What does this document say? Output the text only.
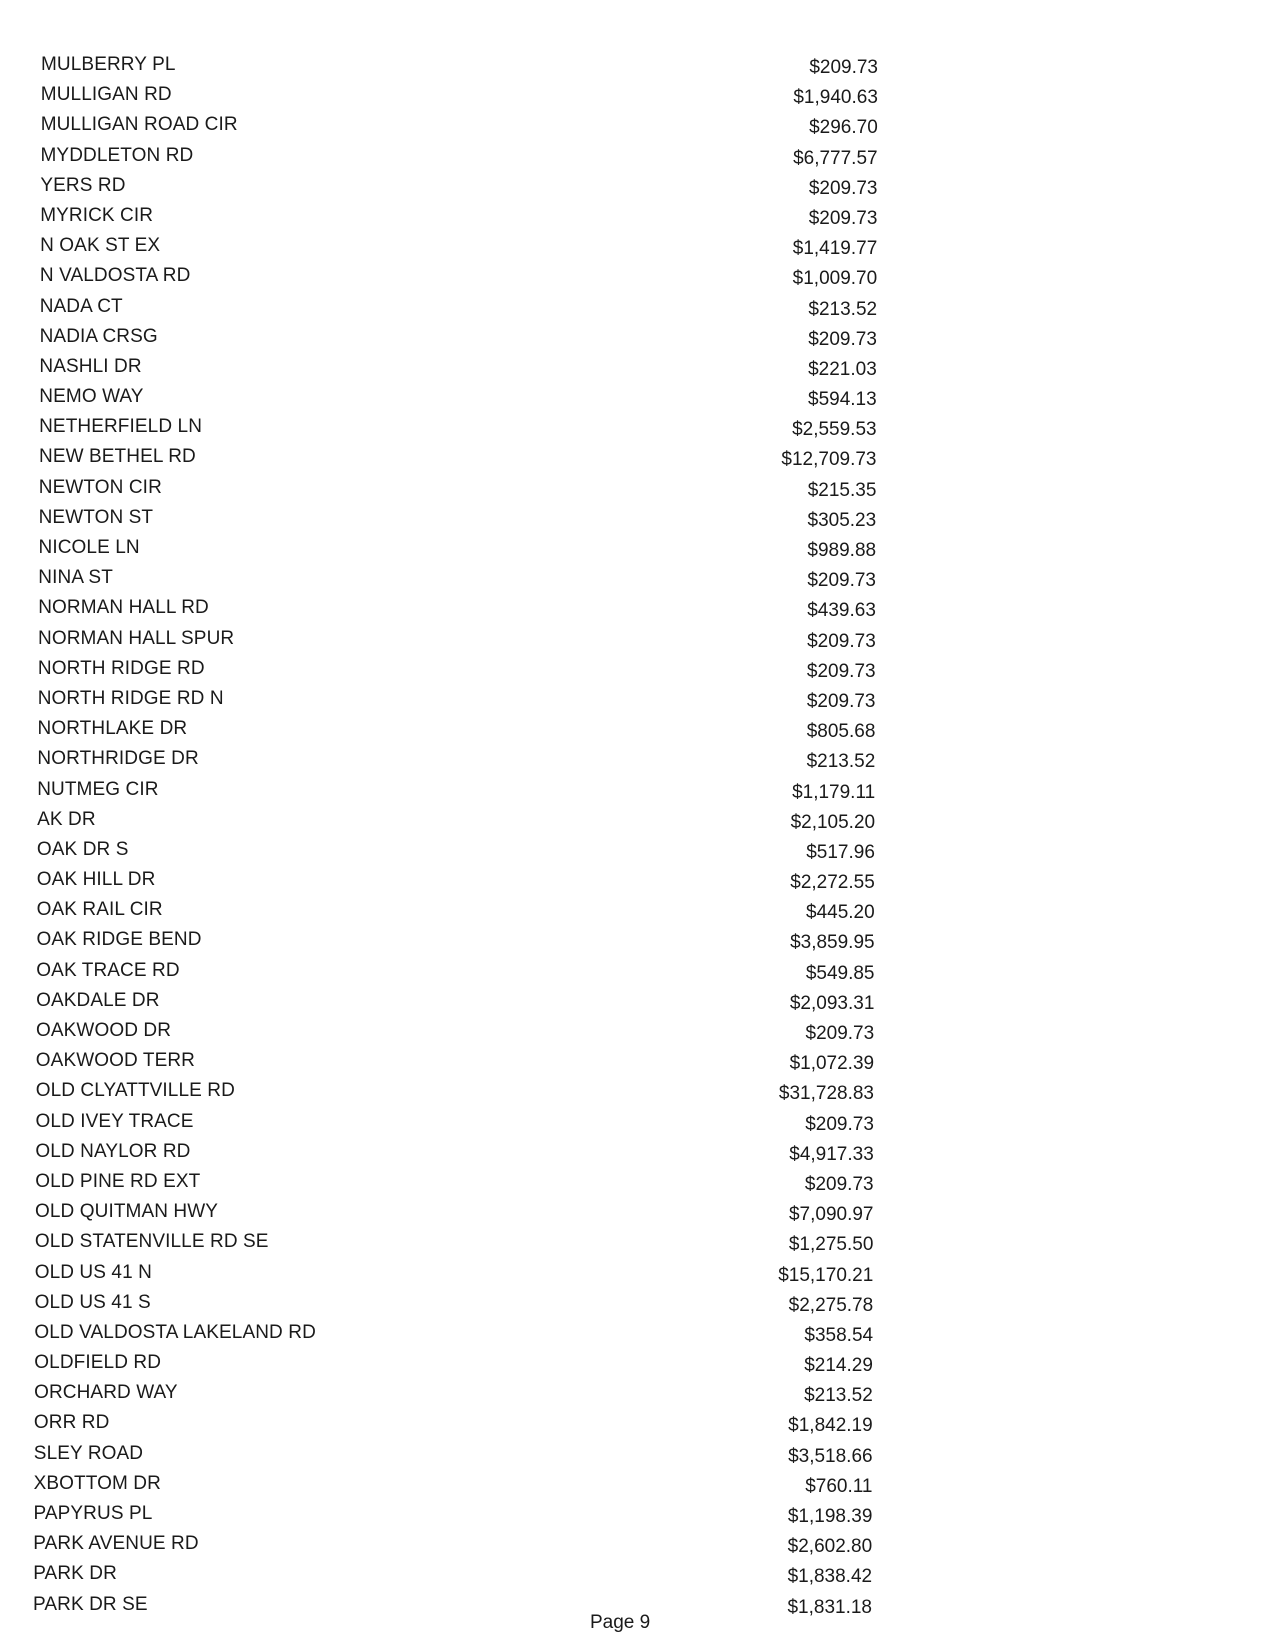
MULBERRY PL	$209.73
MULLIGAN RD	$1,940.63
MULLIGAN ROAD CIR	$296.70
MYDDLETON RD	$6,777.57
YERS RD	$209.73
MYRICK CIR	$209.73
N OAK ST EX	$1,419.77
N VALDOSTA RD	$1,009.70
NADA CT	$213.52
NADIA CRSG	$209.73
NASHLI DR	$221.03
NEMO WAY	$594.13
NETHERFIELD LN	$2,559.53
NEW BETHEL RD	$12,709.73
NEWTON CIR	$215.35
NEWTON ST	$305.23
NICOLE LN	$989.88
NINA ST	$209.73
NORMAN HALL RD	$439.63
NORMAN HALL SPUR	$209.73
NORTH RIDGE RD	$209.73
NORTH RIDGE RD N	$209.73
NORTHLAKE DR	$805.68
NORTHRIDGE DR	$213.52
NUTMEG CIR	$1,179.11
AK DR	$2,105.20
OAK DR S	$517.96
OAK HILL DR	$2,272.55
OAK RAIL CIR	$445.20
OAK RIDGE BEND	$3,859.95
OAK TRACE RD	$549.85
OAKDALE DR	$2,093.31
OAKWOOD DR	$209.73
OAKWOOD TERR	$1,072.39
OLD CLYATTVILLE RD	$31,728.83
OLD IVEY TRACE	$209.73
OLD NAYLOR RD	$4,917.33
OLD PINE RD EXT	$209.73
OLD QUITMAN HWY	$7,090.97
OLD STATENVILLE RD SE	$1,275.50
OLD US 41 N	$15,170.21
OLD US 41 S	$2,275.78
OLD VALDOSTA LAKELAND RD	$358.54
OLDFIELD RD	$214.29
ORCHARD WAY	$213.52
ORR RD	$1,842.19
SLEY ROAD	$3,518.66
XBOTTOM DR	$760.11
PAPYRUS PL	$1,198.39
PARK AVENUE RD	$2,602.80
PARK DR	$1,838.42
PARK DR SE	$1,831.18
Page 9
